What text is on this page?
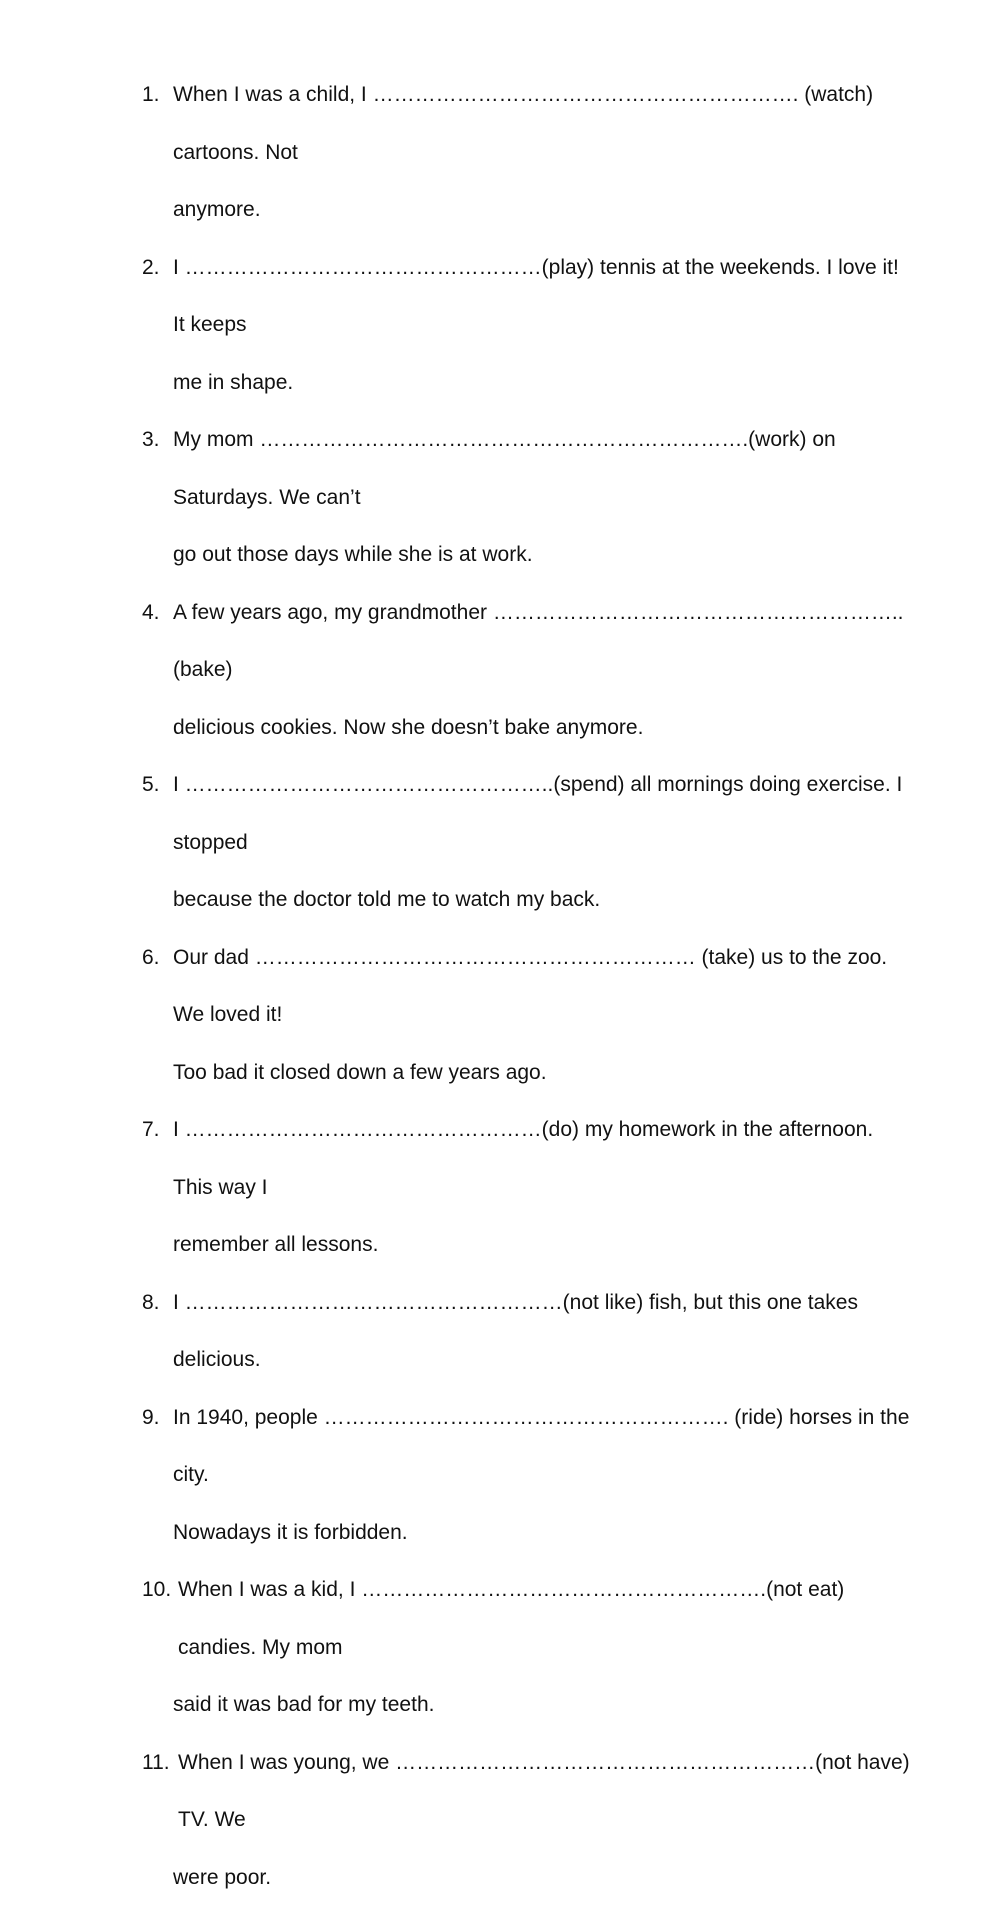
1. When I was a child, I ……………………………………………………. (watch) cartoons. Not
anymore.
2. I ……………………………………………(play) tennis at the weekends. I love it! It keeps
me in shape.
3. My mom …………………………………………………………….(work) on Saturdays. We can’t
go out those days while she is at work.
4. A few years ago, my grandmother …………………………………………………..(bake)
delicious cookies. Now she doesn’t bake anymore.
5. I ……………………………………………..(spend) all mornings doing exercise. I stopped
because the doctor told me to watch my back.
6. Our dad ……………………………………………………… (take) us to the zoo. We loved it!
Too bad it closed down a few years ago.
7. I ……………………………………………(do) my homework in the afternoon. This way I
remember all lessons.
8. I ………………………………………………(not like) fish, but this one takes delicious.
9. In 1940, people …………………………………………………. (ride) horses in the city.
Nowadays it is forbidden.
10. When I was a kid, I ………………………………………………….(not eat) candies. My mom
said it was bad for my teeth.
11. When I was young, we ……………………………………………………(not have) TV. We
were poor.
